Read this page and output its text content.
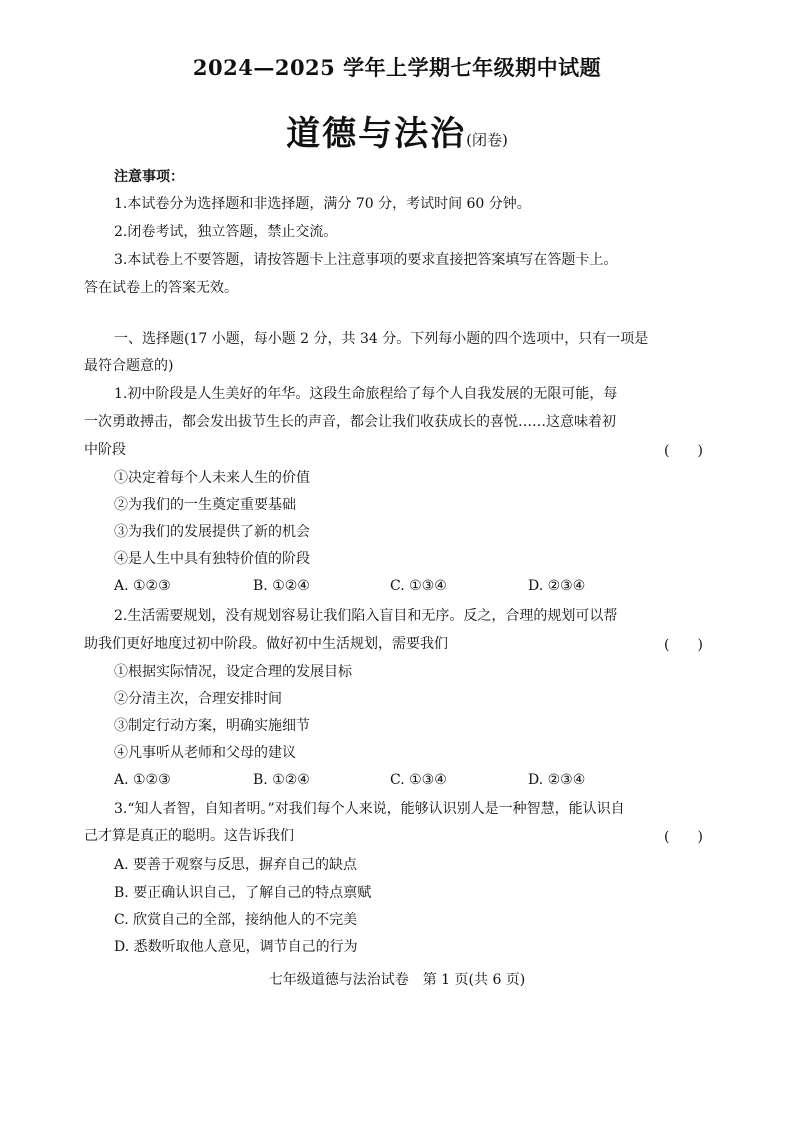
2024—2025 学年上学期七年级期中试题
道德与法治(闭卷)
注意事项：
1.本试卷分为选择题和非选择题，满分 70 分，考试时间 60 分钟。
2.闭卷考试，独立答题，禁止交流。
3.本试卷上不要答题，请按答题卡上注意事项的要求直接把答案填写在答题卡上。
答在试卷上的答案无效。
一、选择题(17 小题，每小题 2 分，共 34 分。下列每小题的四个选项中，只有一项是
最符合题意的)
1.初中阶段是人生美好的年华。这段生命旅程给了每个人自我发展的无限可能，每
一次勇敢搏击，都会发出拔节生长的声音，都会让我们收获成长的喜悦……这意味着初
中阶段	(　　)
①决定着每个人未来人生的价值
②为我们的一生奠定重要基础
③为我们的发展提供了新的机会
④是人生中具有独特价值的阶段
A. ①②③	B. ①②④	C. ①③④	D. ②③④
2.生活需要规划，没有规划容易让我们陷入盲目和无序。反之，合理的规划可以帮
助我们更好地度过初中阶段。做好初中生活规划，需要我们	(　　)
①根据实际情况，设定合理的发展目标
②分清主次，合理安排时间
③制定行动方案，明确实施细节
④凡事听从老师和父母的建议
A. ①②③	B. ①②④	C. ①③④	D. ②③④
3.“知人者智，自知者明。”对我们每个人来说，能够认识别人是一种智慧，能认识自
己才算是真正的聪明。这告诉我们	(　　)
A. 要善于观察与反思，摒弃自己的缺点
B. 要正确认识自己，了解自己的特点禀赋
C. 欣赏自己的全部，接纳他人的不完美
D. 悉数听取他人意见，调节自己的行为
七年级道德与法治试卷　第 1 页(共 6 页)
